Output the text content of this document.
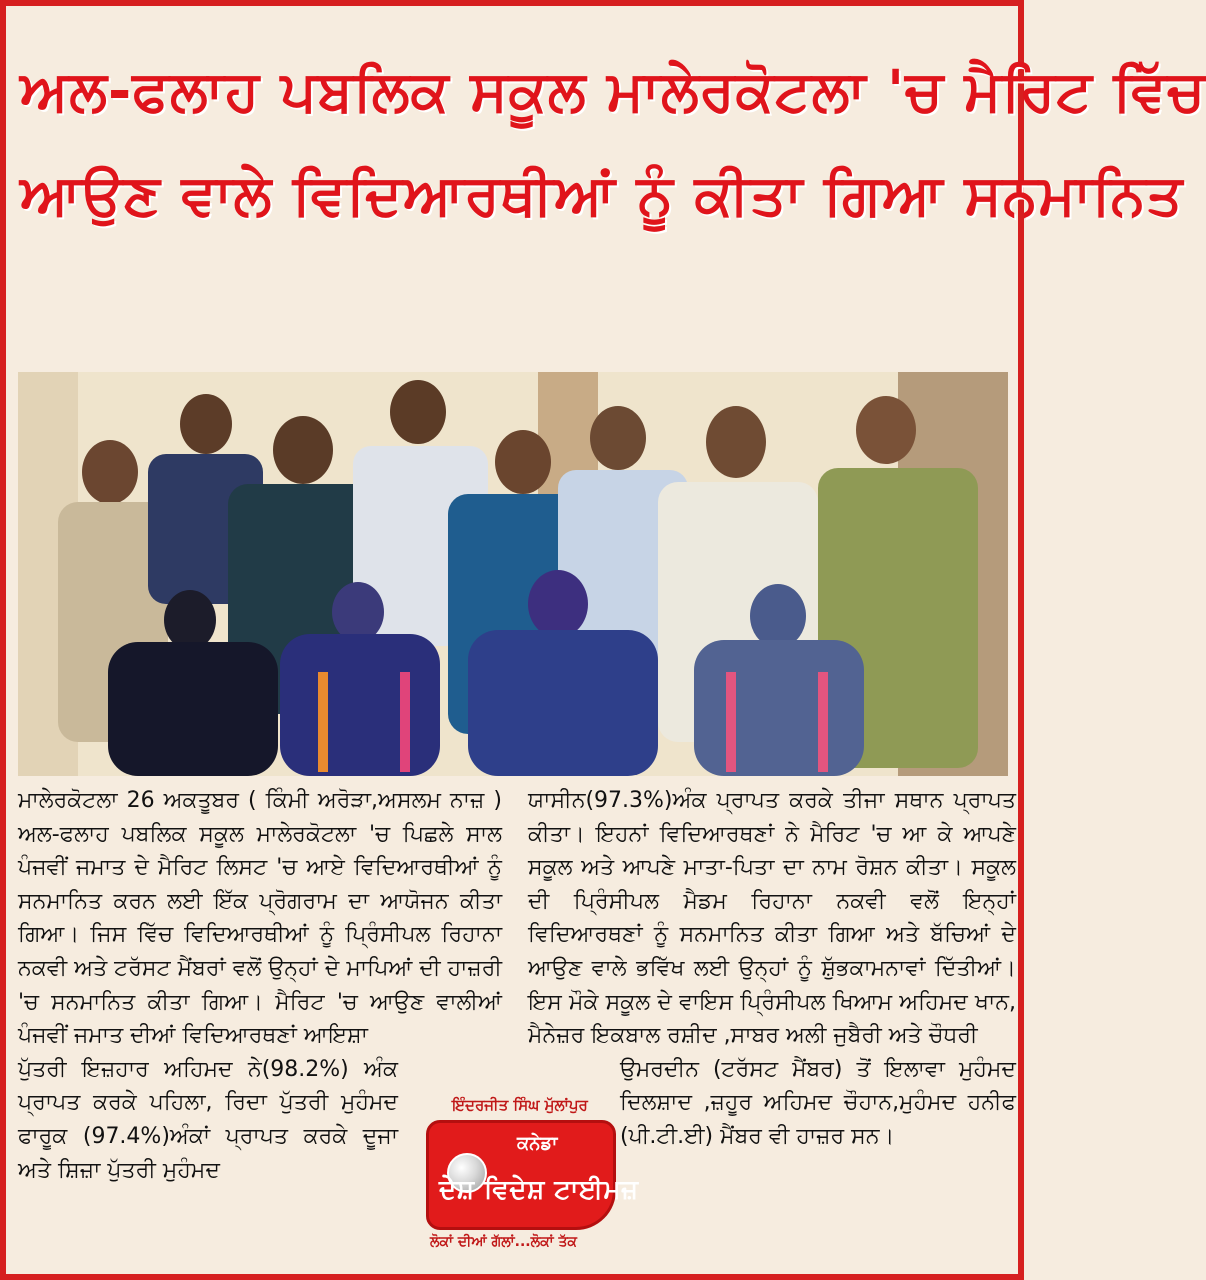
ਅਲ-ਫਲਾਹ ਪਬਲਿਕ ਸਕੂਲ ਮਾਲੇਰਕੋਟਲਾ 'ਚ ਮੈਰਿਟ ਵਿੱਚ
ਆਉਣ ਵਾਲੇ ਵਿਦਿਆਰਥੀਆਂ ਨੂੰ ਕੀਤਾ ਗਿਆ ਸਨਮਾਨਿਤ

ਮਾਲੇਰਕੋਟਲਾ 26 ਅਕਤੂਬਰ ( ਕਿੰਮੀ ਅਰੋੜਾ,ਅਸਲਮ ਨਾਜ਼ ) ਅਲ-ਫਲਾਹ ਪਬਲਿਕ ਸਕੂਲ ਮਾਲੇਰਕੋਟਲਾ 'ਚ ਪਿਛਲੇ ਸਾਲ ਪੰਜਵੀਂ ਜਮਾਤ ਦੇ ਮੈਰਿਟ ਲਿਸਟ 'ਚ ਆਏ ਵਿਦਿਆਰਥੀਆਂ ਨੂੰ ਸਨਮਾਨਿਤ ਕਰਨ ਲਈ ਇੱਕ ਪ੍ਰੋਗਰਾਮ ਦਾ ਆਯੋਜਨ ਕੀਤਾ ਗਿਆ। ਜਿਸ ਵਿੱਚ ਵਿਦਿਆਰਥੀਆਂ ਨੂੰ ਪ੍ਰਿੰਸੀਪਲ ਰਿਹਾਨਾ ਨਕਵੀ ਅਤੇ ਟਰੱਸਟ ਮੈਂਬਰਾਂ ਵਲੋਂ ਉਨ੍ਹਾਂ ਦੇ ਮਾਪਿਆਂ ਦੀ ਹਾਜ਼ਰੀ 'ਚ ਸਨਮਾਨਿਤ ਕੀਤਾ ਗਿਆ। ਮੈਰਿਟ 'ਚ ਆਉਣ ਵਾਲੀਆਂ ਪੰਜਵੀਂ ਜਮਾਤ ਦੀਆਂ ਵਿਦਿਆਰਥਣਾਂ ਆਇਸ਼ਾ

ਪੁੱਤਰੀ ਇਜ਼ਹਾਰ ਅਹਿਮਦ ਨੇ(98.2%) ਅੰਕ ਪ੍ਰਾਪਤ ਕਰਕੇ ਪਹਿਲਾ, ਰਿਦਾ ਪੁੱਤਰੀ ਮੁਹੰਮਦ ਫਾਰੂਕ (97.4%)ਅੰਕਾਂ ਪ੍ਰਾਪਤ ਕਰਕੇ ਦੂਜਾ ਅਤੇ ਸ਼ਿਜ਼ਾ ਪੁੱਤਰੀ ਮੁਹੰਮਦ

ਯਾਸੀਨ(97.3%)ਅੰਕ ਪ੍ਰਾਪਤ ਕਰਕੇ ਤੀਜਾ ਸਥਾਨ ਪ੍ਰਾਪਤ ਕੀਤਾ। ਇਹਨਾਂ ਵਿਦਿਆਰਥਣਾਂ ਨੇ ਮੈਰਿਟ 'ਚ ਆ ਕੇ ਆਪਣੇ ਸਕੂਲ ਅਤੇ ਆਪਣੇ ਮਾਤਾ-ਪਿਤਾ ਦਾ ਨਾਮ ਰੋਸ਼ਨ ਕੀਤਾ। ਸਕੂਲ ਦੀ ਪ੍ਰਿੰਸੀਪਲ ਮੈਡਮ ਰਿਹਾਨਾ ਨਕਵੀ ਵਲੋਂ ਇਨ੍ਹਾਂ ਵਿਦਿਆਰਥਣਾਂ ਨੂੰ ਸਨਮਾਨਿਤ ਕੀਤਾ ਗਿਆ ਅਤੇ ਬੱਚਿਆਂ ਦੇ ਆਉਣ ਵਾਲੇ ਭਵਿੱਖ ਲਈ ਉਨ੍ਹਾਂ ਨੂੰ ਸ਼ੁੱਭਕਾਮਨਾਵਾਂ ਦਿੱਤੀਆਂ। ਇਸ ਮੌਕੇ ਸਕੂਲ ਦੇ ਵਾਇਸ ਪ੍ਰਿੰਸੀਪਲ ਖਿਆਮ ਅਹਿਮਦ ਖਾਨ, ਮੈਨੇਜ਼ਰ ਇਕਬਾਲ ਰਸ਼ੀਦ ,ਸਾਬਰ ਅਲੀ ਜੁਬੈਰੀ ਅਤੇ ਚੌਧਰੀ

ਉਮਰਦੀਨ (ਟਰੱਸਟ ਮੈਂਬਰ) ਤੋਂ ਇਲਾਵਾ ਮੁਹੰਮਦ ਦਿਲਸ਼ਾਦ ,ਜ਼ਹੂਰ ਅਹਿਮਦ ਚੌਹਾਨ,ਮੁਹੰਮਦ ਹਨੀਫ (ਪੀ.ਟੀ.ਈ) ਮੈਂਬਰ ਵੀ ਹਾਜ਼ਰ ਸਨ।

ਇੰਦਰਜੀਤ ਸਿੰਘ ਮੁੱਲਾਂਪੁਰ
ਕਨੇਡਾ
ਦੇਸ਼ ਵਿਦੇਸ਼ ਟਾਈਮਜ਼
ਲੋਕਾਂ ਦੀਆਂ ਗੱਲਾਂ...ਲੋਕਾਂ ਤੱਕ
